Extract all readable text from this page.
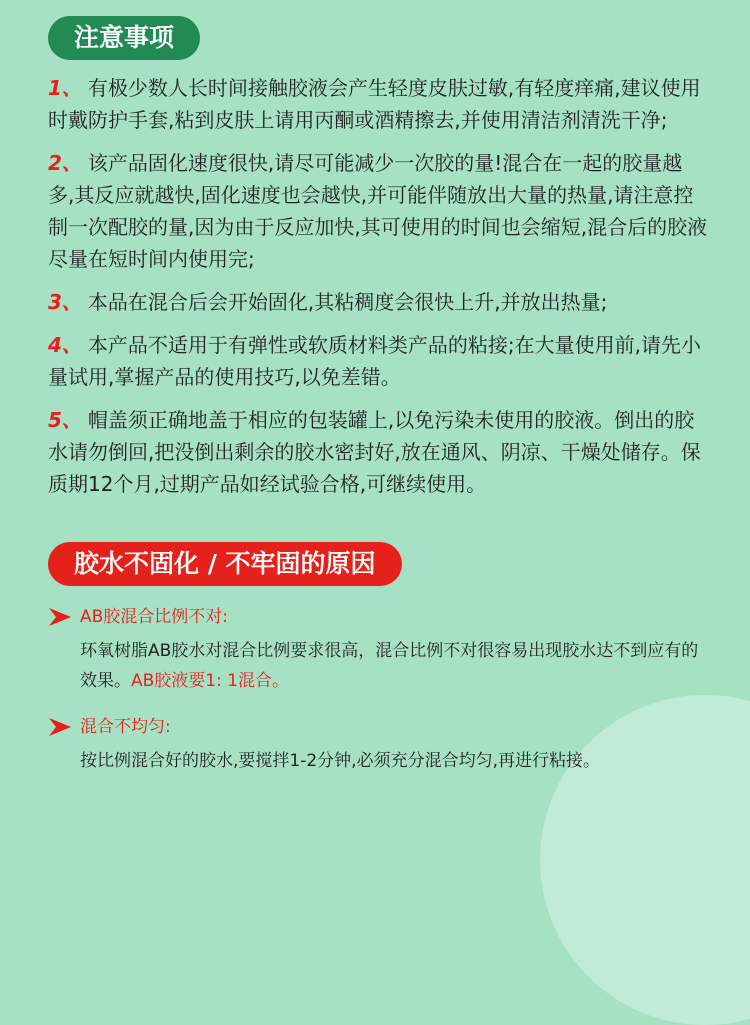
注意事项
1、 有极少数人长时间接触胶液会产生轻度皮肤过敏,有轻度痒痛,建议使用时戴防护手套,粘到皮肤上请用丙酮或酒精擦去,并使用清洁剂清洗干净;
2、 该产品固化速度很快,请尽可能减少一次胶的量!混合在一起的胶量越多,其反应就越快,固化速度也会越快,并可能伴随放出大量的热量,请注意控制一次配胶的量,因为由于反应加快,其可使用的时间也会缩短,混合后的胶液尽量在短时间内使用完;
3、 本品在混合后会开始固化,其粘稠度会很快上升,并放出热量;
4、 本产品不适用于有弹性或软质材料类产品的粘接;在大量使用前,请先小量试用,掌握产品的使用技巧,以免差错。
5、 帽盖须正确地盖于相应的包装罐上,以免污染未使用的胶液。倒出的胶水请勿倒回,把没倒出剩余的胶水密封好,放在通风、阴凉、干燥处储存。保质期12个月,过期产品如经试验合格,可继续使用。
胶水不固化 / 不牢固的原因
AB胶混合比例不对:
环氧树脂AB胶水对混合比例要求很高，混合比例不对很容易出现胶水达不到应有的效果。AB胶液要1: 1混合。
混合不均匀:
按比例混合好的胶水,要搅拌1-2分钟,必须充分混合均匀,再进行粘接。
